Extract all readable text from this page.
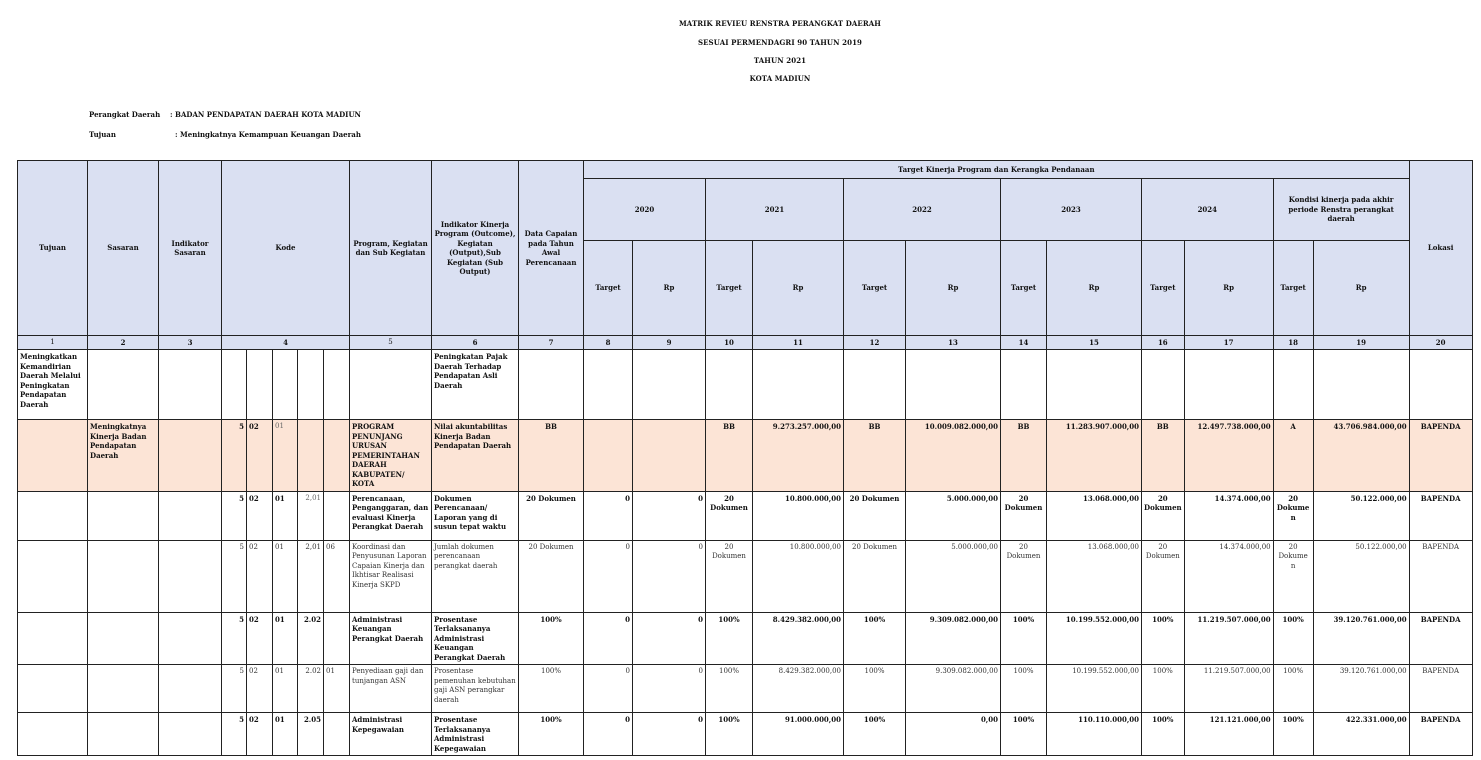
MATRIK REVIEU RENSTRA PERANGKAT DAERAH
SESUAI PERMENDAGRI 90 TAHUN 2019
TAHUN 2021
KOTA MADIUN
Perangkat Daerah : BADAN PENDAPATAN DAERAH KOTA MADIUN
Tujuan	: Meningkatnya Kemampuan Keuangan Daerah
Tujuan	Sasaran	Indikator Sasaran	Kode					Program, Kegiatan dan Sub Kegiatan	Indikator Kinerja Program (Outcome), Kegiatan (Output),Sub Kegiatan (Sub Output)	Data Capaian pada Tahun Awal Perencanaan	Target Kinerja Program dan Kerangka Pendanaan												Lokasi
											2020		2021		2022		2023		2024		Kondisi kinerja pada akhir periode Renstra perangkat daerah		
											Target	Rp	Target	Rp	Target	Rp	Target	Rp	Target	Rp	Target	Rp	
1	2	3	4					5	6	7	8	9	10	11	12	13	14	15	16	17	18	19	20
Meningkatkan Kemandirian Daerah Melalui Peningkatan Pendapatan Daerah									Peningkatan Pajak Daerah Terhadap Pendapatan Asli Daerah														
	Meningkatnya Kinerja Badan Pendapatan Daerah		5	02	01			PROGRAM PENUNJANG URUSAN PEMERINTAHAN DAERAH KABUPATEN/ KOTA	Nilai akuntabilitas Kinerja Badan Pendapatan Daerah	BB			BB	9.273.257.000,00	BB	10.009.082.000,00	BB	11.283.907.000,00	BB	12.497.738.000,00	A	43.706.984.000,00	BAPENDA
			5	02	01	2,01		Perencanaan, Penganggaran, dan evaluasi Kinerja Perangkat Daerah	Dokumen Perencanaan/ Laporan yang di susun tepat waktu	20 Dokumen	0	0	20 Dokumen	10.800.000,00	20 Dokumen	5.000.000,00	20 Dokumen	13.068.000,00	20 Dokumen	14.374.000,00	20 Dokume n	50.122.000,00	BAPENDA
			5	02	01	2,01	06	Koordinasi dan Penyusunan Laporan Capaian Kinerja dan Ikhtisar Realisasi Kinerja SKPD	Jumlah dokumen perencanaan perangkat daerah	20 Dokumen	0	0	20 Dokumen	10.800.000,00	20 Dokumen	5.000.000,00	20 Dokumen	13.068.000,00	20 Dokumen	14.374.000,00	20 Dokume n	50.122.000,00	BAPENDA
			5	02	01	2.02		Administrasi Keuangan Perangkat Daerah	Prosentase Terlaksananya Administrasi Keuangan Perangkat Daerah	100%	0	0	100%	8.429.382.000,00	100%	9.309.082.000,00	100%	10.199.552.000,00	100%	11.219.507.000,00	100%	39.120.761.000,00	BAPENDA
			5	02	01	2.02	01	Penyediaan gaji dan tunjangan ASN	Prosentase pemenuhan kebutuhan gaji ASN perangkar daerah	100%	0	0	100%	8.429.382.000,00	100%	9.309.082.000,00	100%	10.199.552.000,00	100%	11.219.507.000,00	100%	39.120.761.000,00	BAPENDA
			5	02	01	2.05		Administrasi Kepegawaian	Prosentase Terlaksananya Administrasi Kepegawaian	100%	0	0	100%	91.000.000,00	100%	0,00	100%	110.110.000,00	100%	121.121.000,00	100%	422.331.000,00	BAPENDA
